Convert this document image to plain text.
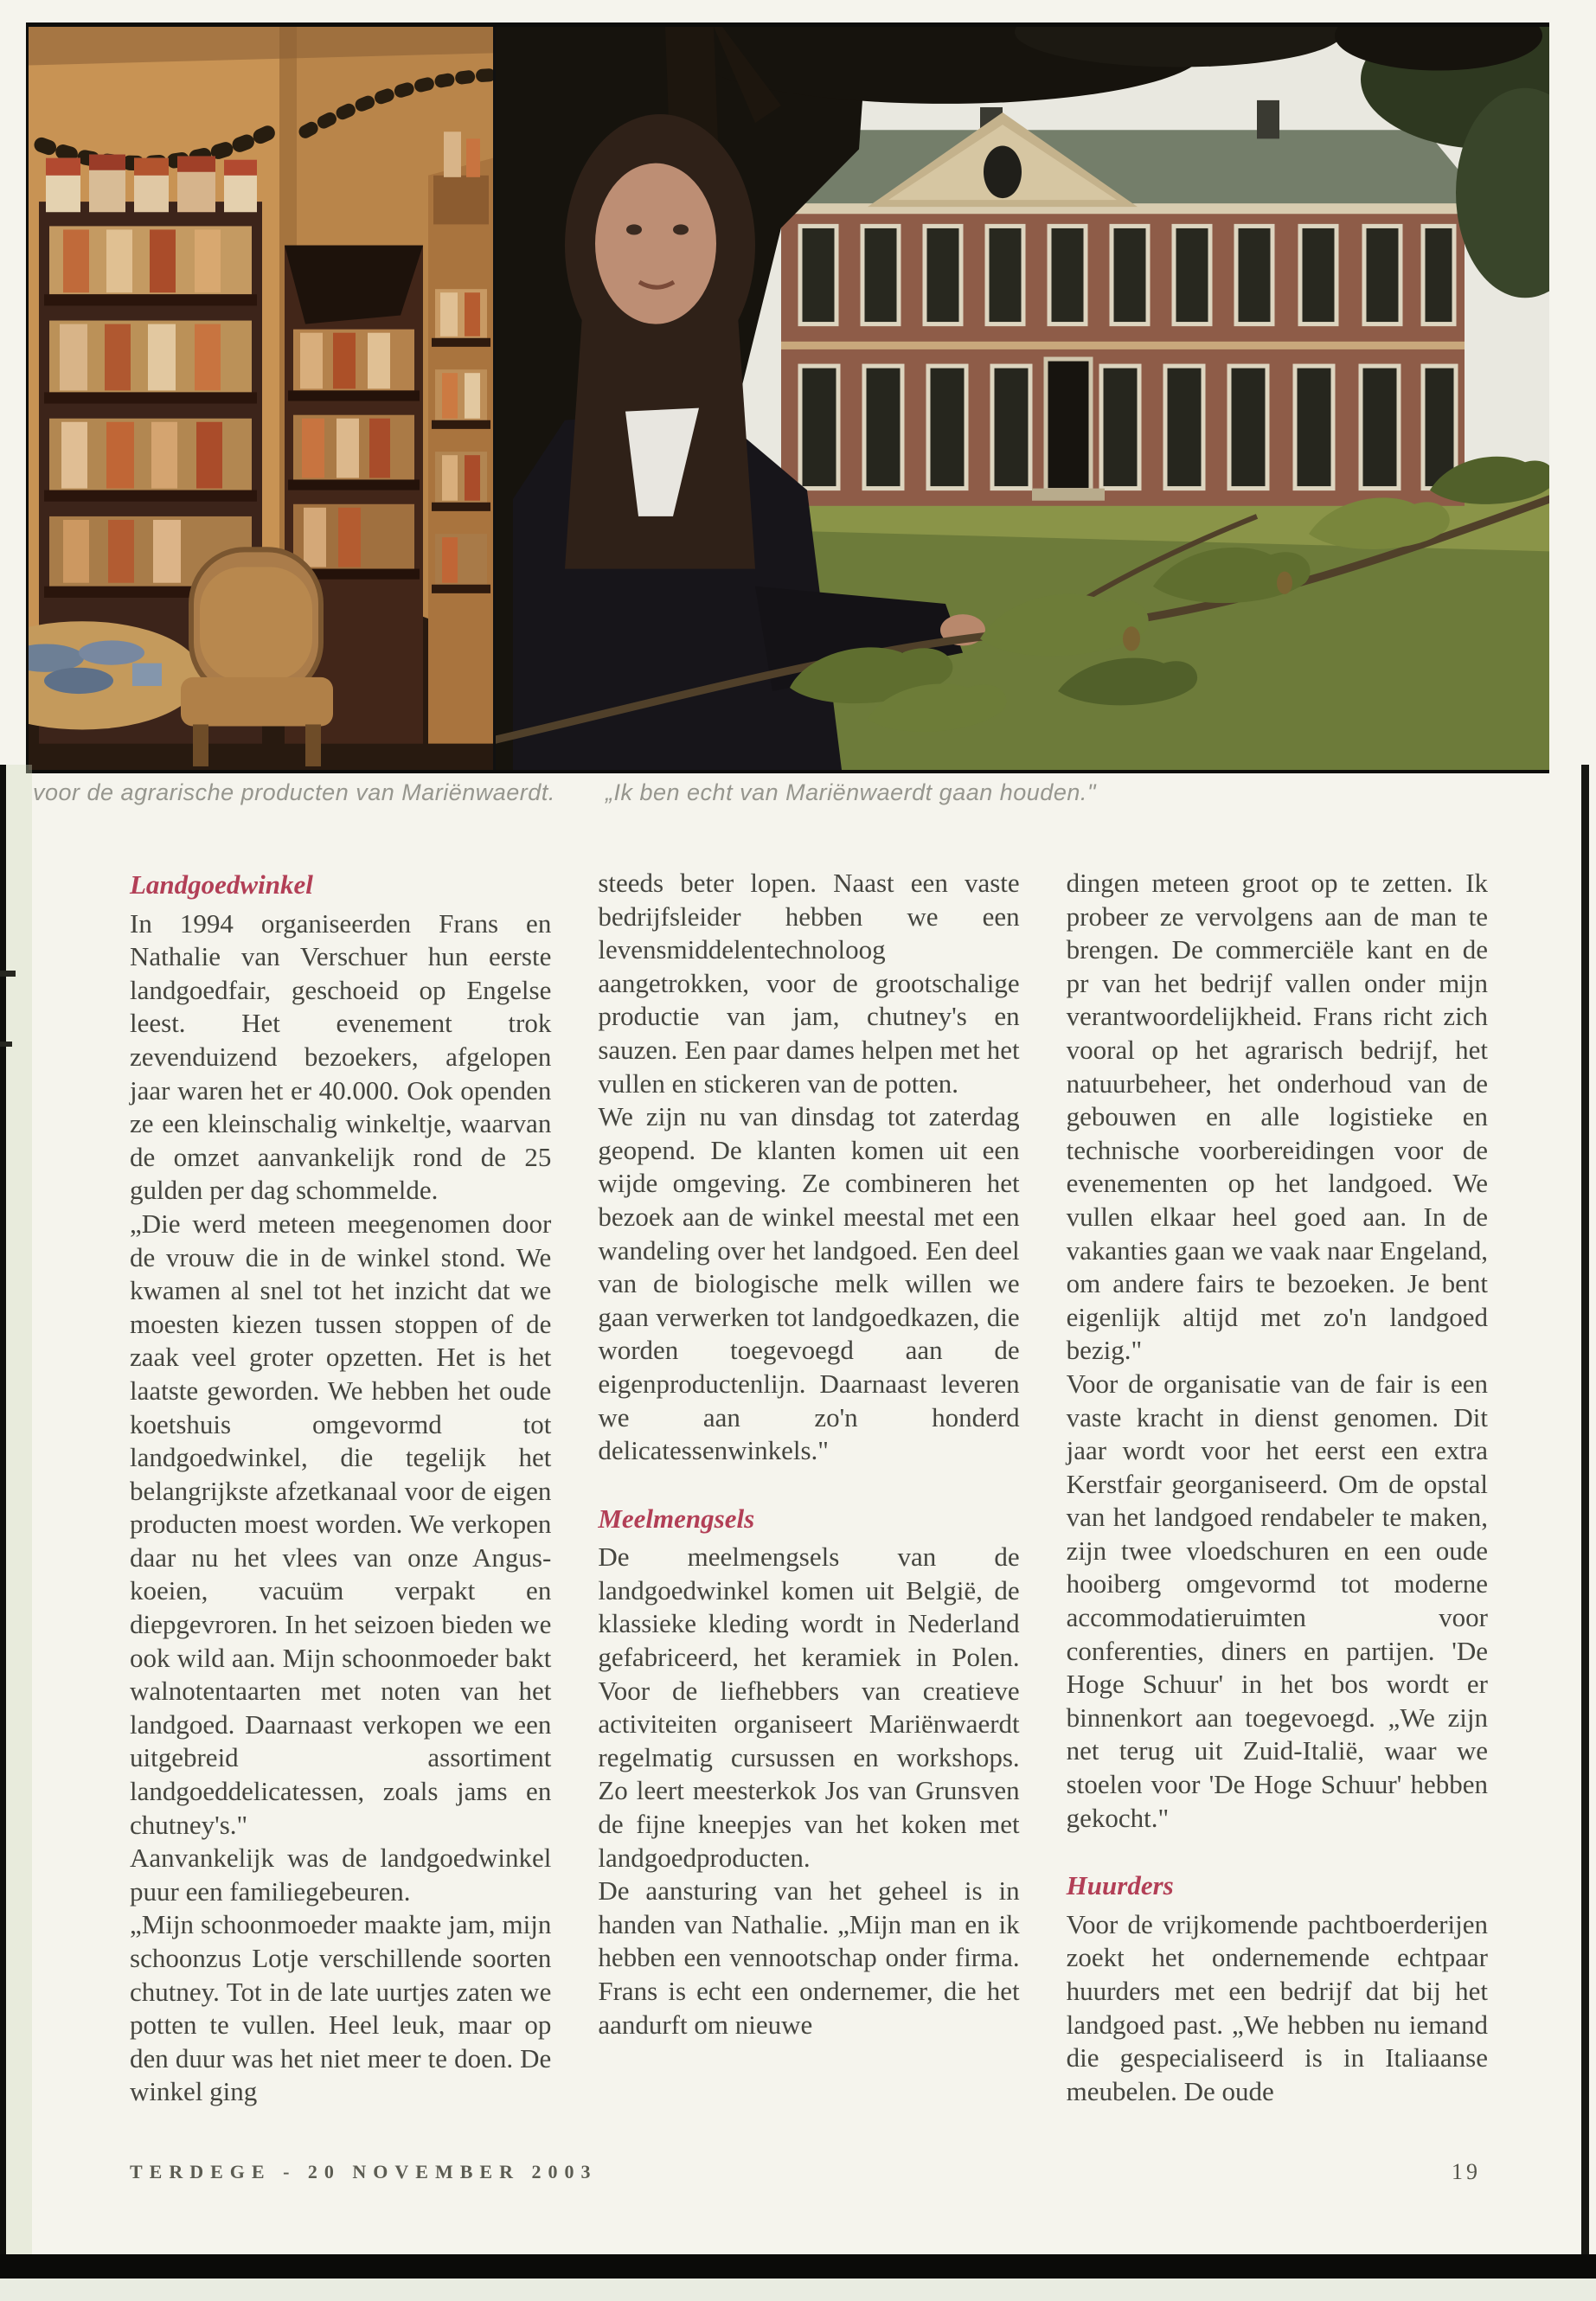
voor de agrarische producten van Mariënwaerdt. „Ik ben echt van Mariënwaerdt gaan houden."
Landgoedwinkel
In 1994 organiseerden Frans en Nathalie van Verschuer hun eerste landgoedfair, geschoeid op Engelse leest. Het evenement trok zevenduizend bezoekers, afgelopen jaar waren het er 40.000. Ook openden ze een kleinschalig winkeltje, waarvan de omzet aanvankelijk rond de 25 gulden per dag schommelde.
„Die werd meteen meegenomen door de vrouw die in de winkel stond. We kwamen al snel tot het inzicht dat we moesten kiezen tussen stoppen of de zaak veel groter opzetten. Het is het laatste geworden. We hebben het oude koetshuis omgevormd tot landgoedwinkel, die tegelijk het belangrijkste afzetkanaal voor de eigen producten moest worden. We verkopen daar nu het vlees van onze Angus-koeien, vacuüm verpakt en diepgevroren. In het seizoen bieden we ook wild aan. Mijn schoonmoeder bakt walnotentaarten met noten van het landgoed. Daarnaast verkopen we een uitgebreid assortiment landgoeddelicatessen, zoals jams en chutney's."
Aanvankelijk was de landgoedwinkel puur een familiegebeuren.
„Mijn schoonmoeder maakte jam, mijn schoonzus Lotje verschillende soorten chutney. Tot in de late uurtjes zaten we potten te vullen. Heel leuk, maar op den duur was het niet meer te doen. De winkel ging
steeds beter lopen. Naast een vaste bedrijfsleider hebben we een levensmiddelentechnoloog aangetrokken, voor de grootschalige productie van jam, chutney's en sauzen. Een paar dames helpen met het vullen en stickeren van de potten.
We zijn nu van dinsdag tot zaterdag geopend. De klanten komen uit een wijde omgeving. Ze combineren het bezoek aan de winkel meestal met een wandeling over het landgoed. Een deel van de biologische melk willen we gaan verwerken tot landgoedkazen, die worden toegevoegd aan de eigenproductenlijn. Daarnaast leveren we aan zo'n honderd delicatessenwinkels."
Meelmengsels
De meelmengsels van de landgoedwinkel komen uit België, de klassieke kleding wordt in Nederland gefabriceerd, het keramiek in Polen. Voor de liefhebbers van creatieve activiteiten organiseert Mariënwaerdt regelmatig cursussen en workshops. Zo leert meesterkok Jos van Grunsven de fijne kneepjes van het koken met landgoedproducten.
De aansturing van het geheel is in handen van Nathalie. „Mijn man en ik hebben een vennootschap onder firma. Frans is echt een ondernemer, die het aandurft om nieuwe
dingen meteen groot op te zetten. Ik probeer ze vervolgens aan de man te brengen. De commerciële kant en de pr van het bedrijf vallen onder mijn verantwoordelijkheid. Frans richt zich vooral op het agrarisch bedrijf, het natuurbeheer, het onderhoud van de gebouwen en alle logistieke en technische voorbereidingen voor de evenementen op het landgoed. We vullen elkaar heel goed aan. In de vakanties gaan we vaak naar Engeland, om andere fairs te bezoeken. Je bent eigenlijk altijd met zo'n landgoed bezig."
Voor de organisatie van de fair is een vaste kracht in dienst genomen. Dit jaar wordt voor het eerst een extra Kerstfair georganiseerd. Om de opstal van het landgoed rendabeler te maken, zijn twee vloedschuren en een oude hooiberg omgevormd tot moderne accommodatieruimten voor conferenties, diners en partijen. 'De Hoge Schuur' in het bos wordt er binnenkort aan toegevoegd. „We zijn net terug uit Zuid-Italië, waar we stoelen voor 'De Hoge Schuur' hebben gekocht."
Huurders
Voor de vrijkomende pachtboerderijen zoekt het ondernemende echtpaar huurders met een bedrijf dat bij het landgoed past. „We hebben nu iemand die gespecialiseerd is in Italiaanse meubelen. De oude
TERDEGE - 20 NOVEMBER 2003	19
